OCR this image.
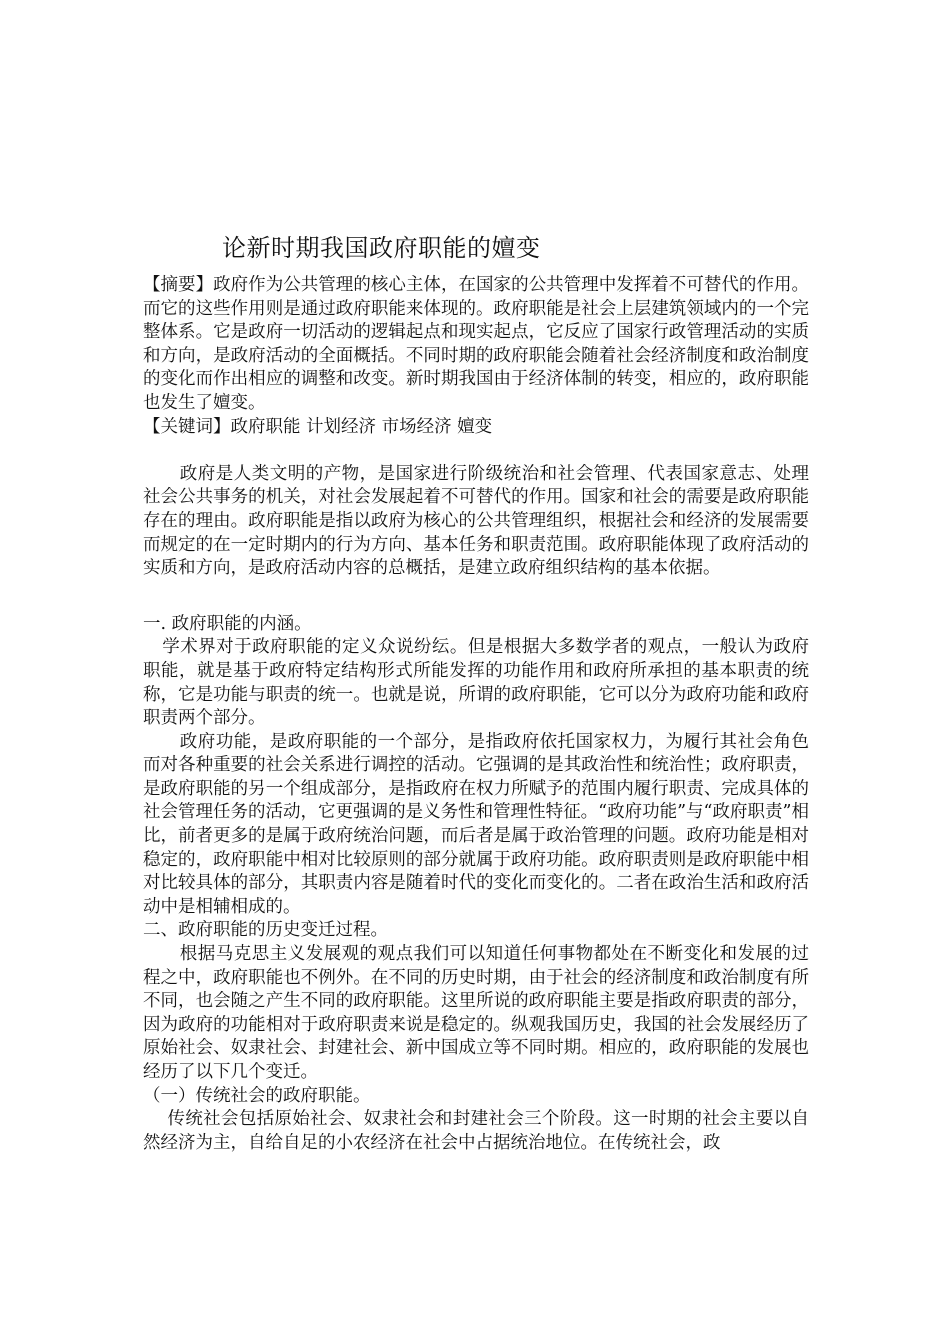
论新时期我国政府职能的嬗变

【摘要】政府作为公共管理的核心主体，在国家的公共管理中发挥着不可替代的作用。而它的这些作用则是通过政府职能来体现的。政府职能是社会上层建筑领域内的一个完整体系。它是政府一切活动的逻辑起点和现实起点，它反应了国家行政管理活动的实质和方向，是政府活动的全面概括。不同时期的政府职能会随着社会经济制度和政治制度的变化而作出相应的调整和改变。新时期我国由于经济体制的转变，相应的，政府职能也发生了嬗变。

【关键词】政府职能 计划经济 市场经济 嬗变

政府是人类文明的产物，是国家进行阶级统治和社会管理、代表国家意志、处理社会公共事务的机关，对社会发展起着不可替代的作用。国家和社会的需要是政府职能存在的理由。政府职能是指以政府为核心的公共管理组织，根据社会和经济的发展需要而规定的在一定时期内的行为方向、基本任务和职责范围。政府职能体现了政府活动的实质和方向，是政府活动内容的总概括，是建立政府组织结构的基本依据。

一. 政府职能的内涵。

学术界对于政府职能的定义众说纷纭。但是根据大多数学者的观点，一般认为政府职能，就是基于政府特定结构形式所能发挥的功能作用和政府所承担的基本职责的统称，它是功能与职责的统一。也就是说，所谓的政府职能，它可以分为政府功能和政府职责两个部分。

政府功能，是政府职能的一个部分，是指政府依托国家权力，为履行其社会角色而对各种重要的社会关系进行调控的活动。它强调的是其政治性和统治性；政府职责，是政府职能的另一个组成部分，是指政府在权力所赋予的范围内履行职责、完成具体的社会管理任务的活动，它更强调的是义务性和管理性特征。“政府功能”与“政府职责”相比，前者更多的是属于政府统治问题，而后者是属于政治管理的问题。政府功能是相对稳定的，政府职能中相对比较原则的部分就属于政府功能。政府职责则是政府职能中相对比较具体的部分，其职责内容是随着时代的变化而变化的。二者在政治生活和政府活动中是相辅相成的。

二、政府职能的历史变迁过程。

根据马克思主义发展观的观点我们可以知道任何事物都处在不断变化和发展的过程之中，政府职能也不例外。在不同的历史时期，由于社会的经济制度和政治制度有所不同，也会随之产生不同的政府职能。这里所说的政府职能主要是指政府职责的部分，因为政府的功能相对于政府职责来说是稳定的。纵观我国历史，我国的社会发展经历了原始社会、奴隶社会、封建社会、新中国成立等不同时期。相应的，政府职能的发展也经历了以下几个变迁。

（一）传统社会的政府职能。

传统社会包括原始社会、奴隶社会和封建社会三个阶段。这一时期的社会主要以自然经济为主，自给自足的小农经济在社会中占据统治地位。在传统社会，政
